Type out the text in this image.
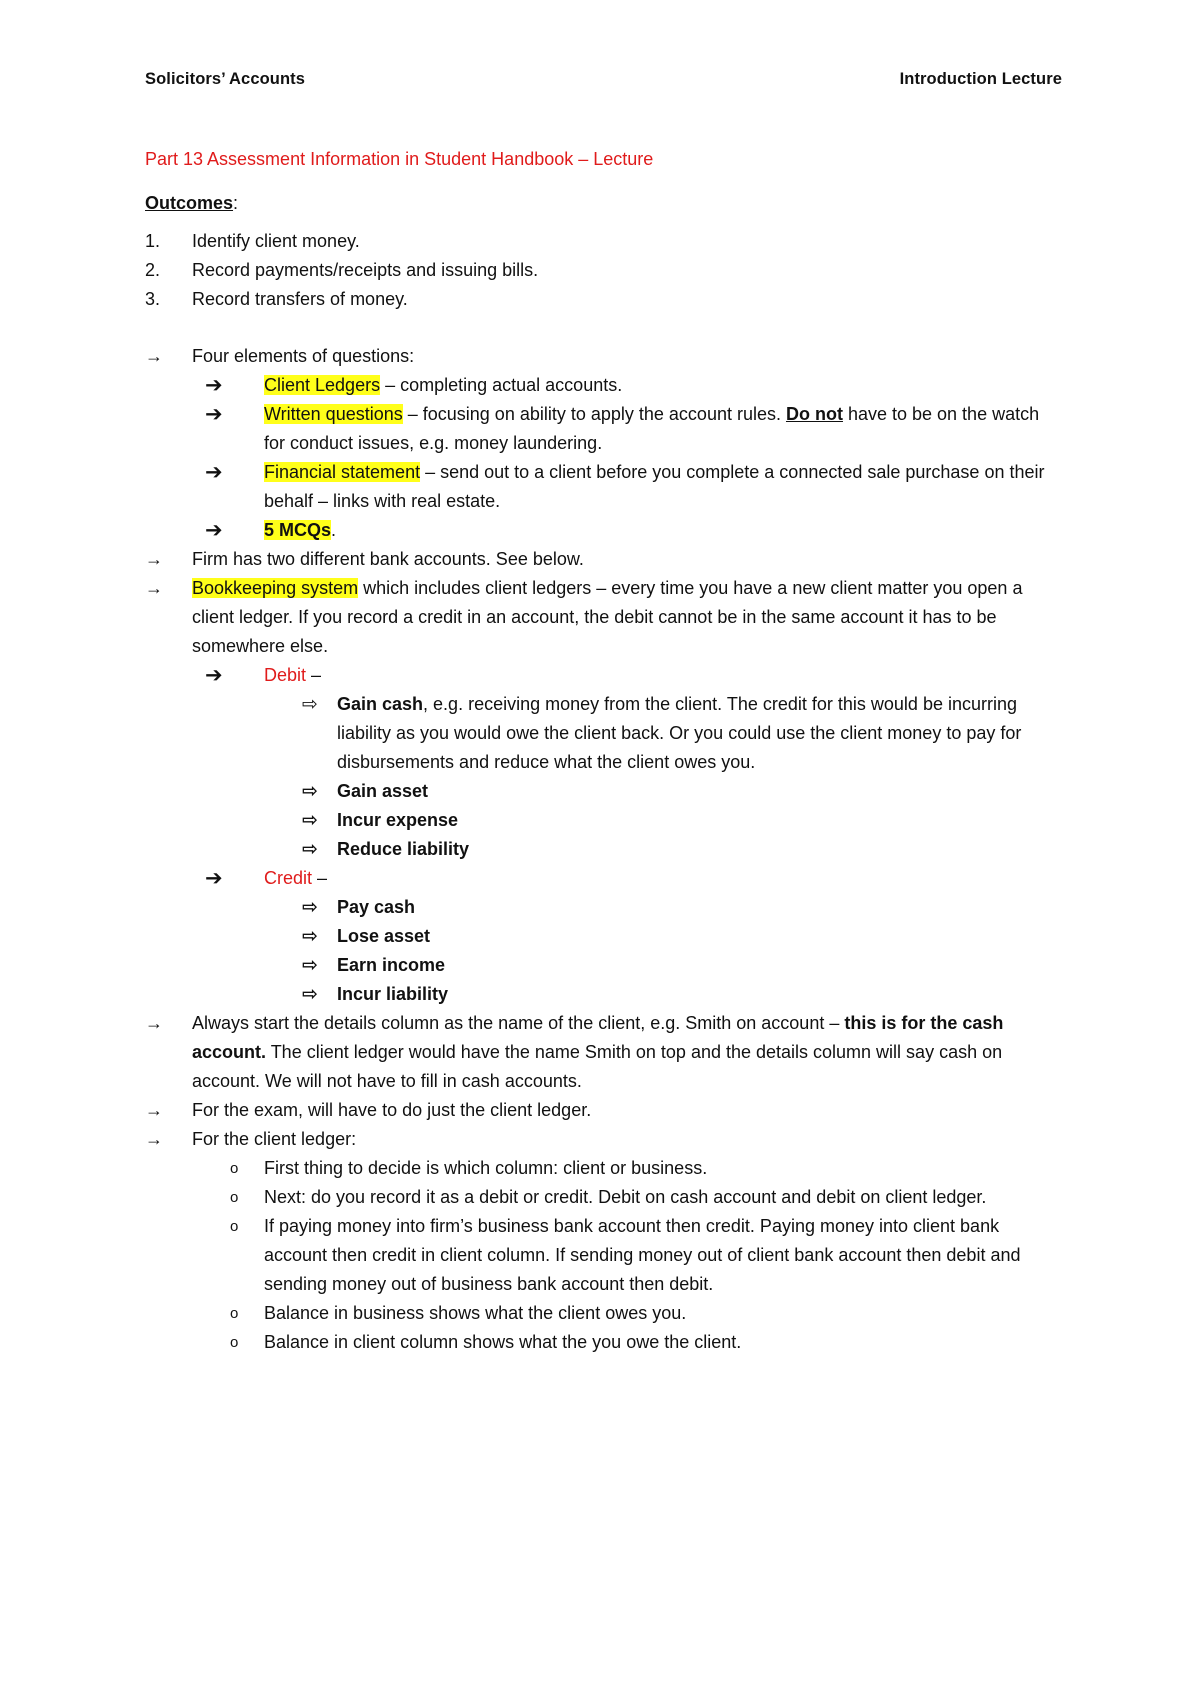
Solicitors’ Accounts	Introduction Lecture
Part 13 Assessment Information in Student Handbook – Lecture
Outcomes:
1. Identify client money.
2. Record payments/receipts and issuing bills.
3. Record transfers of money.
→ Four elements of questions:
➔ Client Ledgers – completing actual accounts.
➔ Written questions – focusing on ability to apply the account rules. Do not have to be on the watch for conduct issues, e.g. money laundering.
➔ Financial statement – send out to a client before you complete a connected sale purchase on their behalf – links with real estate.
➔ 5 MCQs.
→ Firm has two different bank accounts. See below.
→ Bookkeeping system which includes client ledgers – every time you have a new client matter you open a client ledger. If you record a credit in an account, the debit cannot be in the same account it has to be somewhere else.
➔ Debit –
⇨ Gain cash, e.g. receiving money from the client. The credit for this would be incurring liability as you would owe the client back. Or you could use the client money to pay for disbursements and reduce what the client owes you.
⇨ Gain asset
⇨ Incur expense
⇨ Reduce liability
➔ Credit –
⇨ Pay cash
⇨ Lose asset
⇨ Earn income
⇨ Incur liability
→ Always start the details column as the name of the client, e.g. Smith on account – this is for the cash account. The client ledger would have the name Smith on top and the details column will say cash on account. We will not have to fill in cash accounts.
→ For the exam, will have to do just the client ledger.
→ For the client ledger:
o First thing to decide is which column: client or business.
o Next: do you record it as a debit or credit. Debit on cash account and debit on client ledger.
o If paying money into firm’s business bank account then credit. Paying money into client bank account then credit in client column. If sending money out of client bank account then debit and sending money out of business bank account then debit.
o Balance in business shows what the client owes you.
o Balance in client column shows what the you owe the client.
